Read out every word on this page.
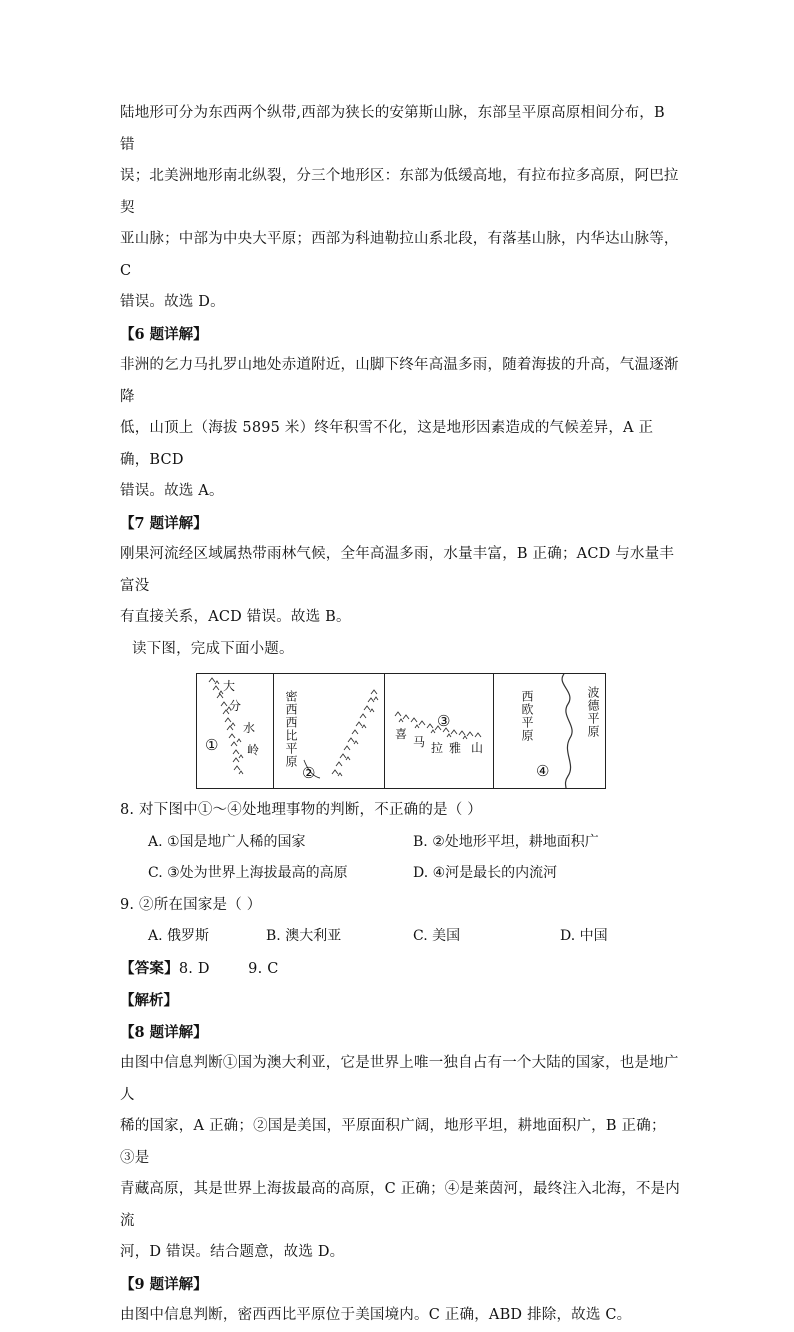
陆地形可分为东西两个纵带,西部为狭长的安第斯山脉，东部呈平原高原相间分布，B 错

误；北美洲地形南北纵裂，分三个地形区：东部为低缓高地，有拉布拉多高原，阿巴拉契

亚山脉；中部为中央大平原；西部为科迪勒拉山系北段，有落基山脉，内华达山脉等，C

错误。故选 D。

【6 题详解】

非洲的乞力马扎罗山地处赤道附近，山脚下终年高温多雨，随着海拔的升高，气温逐渐降

低，山顶上（海拔 5895 米）终年积雪不化，这是地形因素造成的气候差异，A 正确，BCD

错误。故选 A。

【7 题详解】

刚果河流经区域属热带雨林气候，全年高温多雨，水量丰富，B 正确；ACD 与水量丰富没

有直接关系，ACD 错误。故选 B。

读下图，完成下面小题。

大
分
水
岭
①	密西西比平原
②
③
喜
马 拉 雅 山
西欧平原	波德平原
④

8. 对下图中①～④处地理事物的判断，不正确的是（ ）

A. ①国是地广人稀的国家	B. ②处地形平坦，耕地面积广
C. ③处为世界上海拔最高的高原	D. ④河是最长的内流河

9. ②所在国家是（ ）

A. 俄罗斯	B. 澳大利亚	C. 美国	D. 中国

【答案】8. D        9. C

【解析】

【8 题详解】

由图中信息判断①国为澳大利亚，它是世界上唯一独自占有一个大陆的国家，也是地广人

稀的国家，A 正确；②国是美国，平原面积广阔，地形平坦，耕地面积广，B 正确；③是

青藏高原，其是世界上海拔最高的高原，C 正确；④是莱茵河，最终注入北海，不是内流

河，D 错误。结合题意，故选 D。

【9 题详解】

由图中信息判断，密西西比平原位于美国境内。C 正确，ABD 排除，故选 C。
